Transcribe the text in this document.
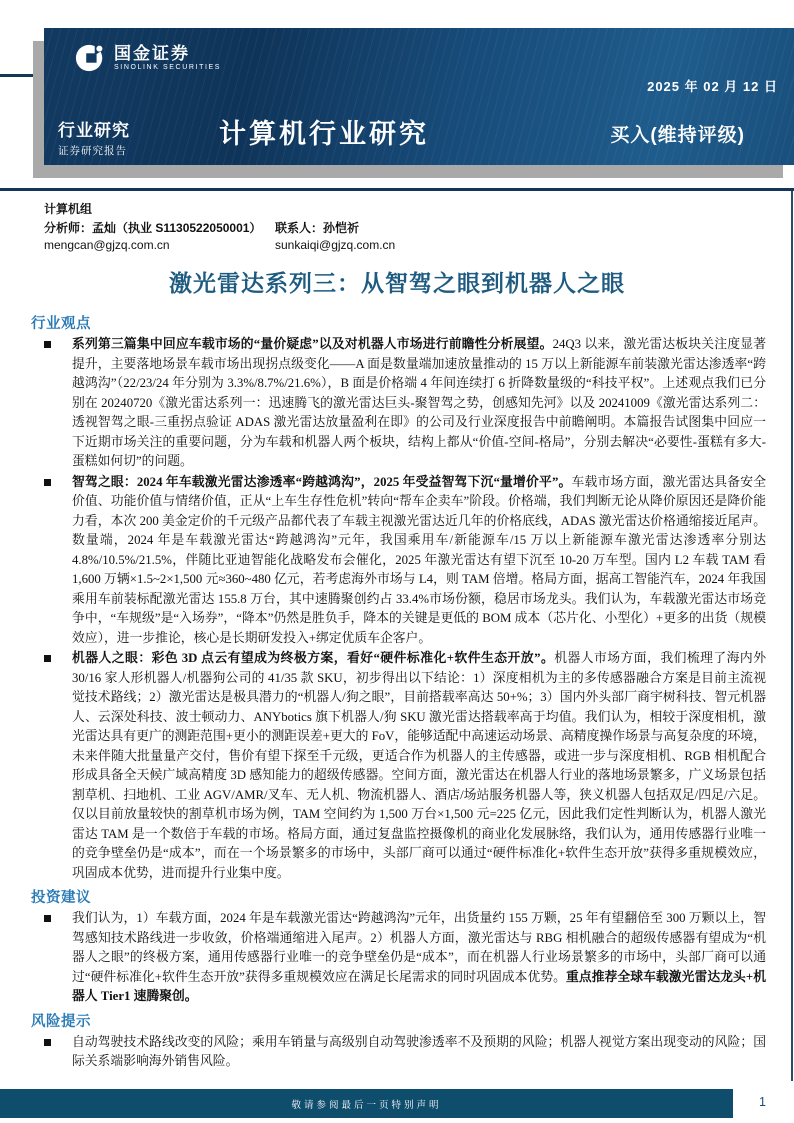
国金证券
SINOLINK SECURITIES
2025 年 02 月 12 日
计算机行业研究	买入(维持评级)
行业研究
证券研究报告
计算机组
分析师：孟灿（执业 S1130522050001）	联系人：孙恺祈
mengcan@gjzq.com.cn	sunkaiqi@gjzq.com.cn
激光雷达系列三：从智驾之眼到机器人之眼
行业观点
系列第三篇集中回应车载市场的“量价疑虑”以及对机器人市场进行前瞻性分析展望。24Q3 以来，激光雷达板块关注度显著提升，主要落地场景车载市场出现拐点级变化——A 面是数量端加速放量推动的 15 万以上新能源车前装激光雷达渗透率“跨越鸿沟”（22/23/24 年分别为 3.3%/8.7%/21.6%），B 面是价格端 4 年间连续打 6 折降数量级的“科技平权”。上述观点我们已分别在 20240720《激光雷达系列一：迅速腾飞的激光雷达巨头-聚智驾之势，创感知先河》以及 20241009《激光雷达系列二：透视智驾之眼-三重拐点验证 ADAS 激光雷达放量盈利在即》的公司及行业深度报告中前瞻阐明。本篇报告试图集中回应一下近期市场关注的重要问题，分为车载和机器人两个板块，结构上都从“价值-空间-格局”，分别去解决“必要性-蛋糕有多大-蛋糕如何切”的问题。
智驾之眼：2024 年车载激光雷达渗透率“跨越鸿沟”，2025 年受益智驾下沉“量增价平”。车载市场方面，激光雷达具备安全价值、功能价值与情绪价值，正从“上车生存性危机”转向“帮车企卖车”阶段。价格端，我们判断无论从降价原因还是降价能力看，本次 200 美金定价的千元级产品都代表了车载主视激光雷达近几年的价格底线，ADAS 激光雷达价格通缩接近尾声。数量端，2024 年是车载激光雷达“跨越鸿沟”元年，我国乘用车/新能源车/15 万以上新能源车激光雷达渗透率分别达 4.8%/10.5%/21.5%，伴随比亚迪智能化战略发布会催化，2025 年激光雷达有望下沉至 10-20 万车型。国内 L2 车载 TAM 看 1,600 万辆×1.5~2×1,500 元≈360~480 亿元，若考虑海外市场与 L4，则 TAM 倍增。格局方面，据高工智能汽车，2024 年我国乘用车前装标配激光雷达 155.8 万台，其中速腾聚创约占 33.4%市场份额，稳居市场龙头。我们认为，车载激光雷达市场竞争中，“车规级”是“入场券”，“降本”仍然是胜负手，降本的关键是更低的 BOM 成本（芯片化、小型化）+更多的出货（规模效应），进一步推论，核心是长期研发投入+绑定优质车企客户。
机器人之眼：彩色 3D 点云有望成为终极方案，看好“硬件标准化+软件生态开放”。机器人市场方面，我们梳理了海内外 30/16 家人形机器人/机器狗公司的 41/35 款 SKU，初步得出以下结论：1）深度相机为主的多传感器融合方案是目前主流视觉技术路线；2）激光雷达是极具潜力的“机器人/狗之眼”，目前搭载率高达 50+%；3）国内外头部厂商宇树科技、智元机器人、云深处科技、波士顿动力、ANYbotics 旗下机器人/狗 SKU 激光雷达搭载率高于均值。我们认为，相较于深度相机，激光雷达具有更广的测距范围+更小的测距误差+更大的 FoV，能够适配中高速运动场景、高精度操作场景与高复杂度的环境，未来伴随大批量量产交付，售价有望下探至千元级，更适合作为机器人的主传感器，或进一步与深度相机、RGB 相机配合形成具备全天候广域高精度 3D 感知能力的超级传感器。空间方面，激光雷达在机器人行业的落地场景繁多，广义场景包括割草机、扫地机、工业 AGV/AMR/叉车、无人机、物流机器人、酒店/场站服务机器人等，狭义机器人包括双足/四足/六足。仅以目前放量较快的割草机市场为例，TAM 空间约为 1,500 万台×1,500 元=225 亿元，因此我们定性判断认为，机器人激光雷达 TAM 是一个数倍于车载的市场。格局方面，通过复盘监控摄像机的商业化发展脉络，我们认为，通用传感器行业唯一的竞争壁垒仍是“成本”，而在一个场景繁多的市场中，头部厂商可以通过“硬件标准化+软件生态开放”获得多重规模效应，巩固成本优势，进而提升行业集中度。
投资建议
我们认为，1）车载方面，2024 年是车载激光雷达“跨越鸿沟”元年，出货量约 155 万颗，25 年有望翻倍至 300 万颗以上，智驾感知技术路线进一步收敛，价格端通缩进入尾声。2）机器人方面，激光雷达与 RBG 相机融合的超级传感器有望成为“机器人之眼”的终极方案，通用传感器行业唯一的竞争壁垒仍是“成本”，而在机器人行业场景繁多的市场中，头部厂商可以通过“硬件标准化+软件生态开放”获得多重规模效应在满足长尾需求的同时巩固成本优势。重点推荐全球车载激光雷达龙头+机器人 Tier1 速腾聚创。
风险提示
自动驾驶技术路线改变的风险；乘用车销量与高级别自动驾驶渗透率不及预期的风险；机器人视觉方案出现变动的风险；国际关系端影响海外销售风险。
敬请参阅最后一页特别声明	1
